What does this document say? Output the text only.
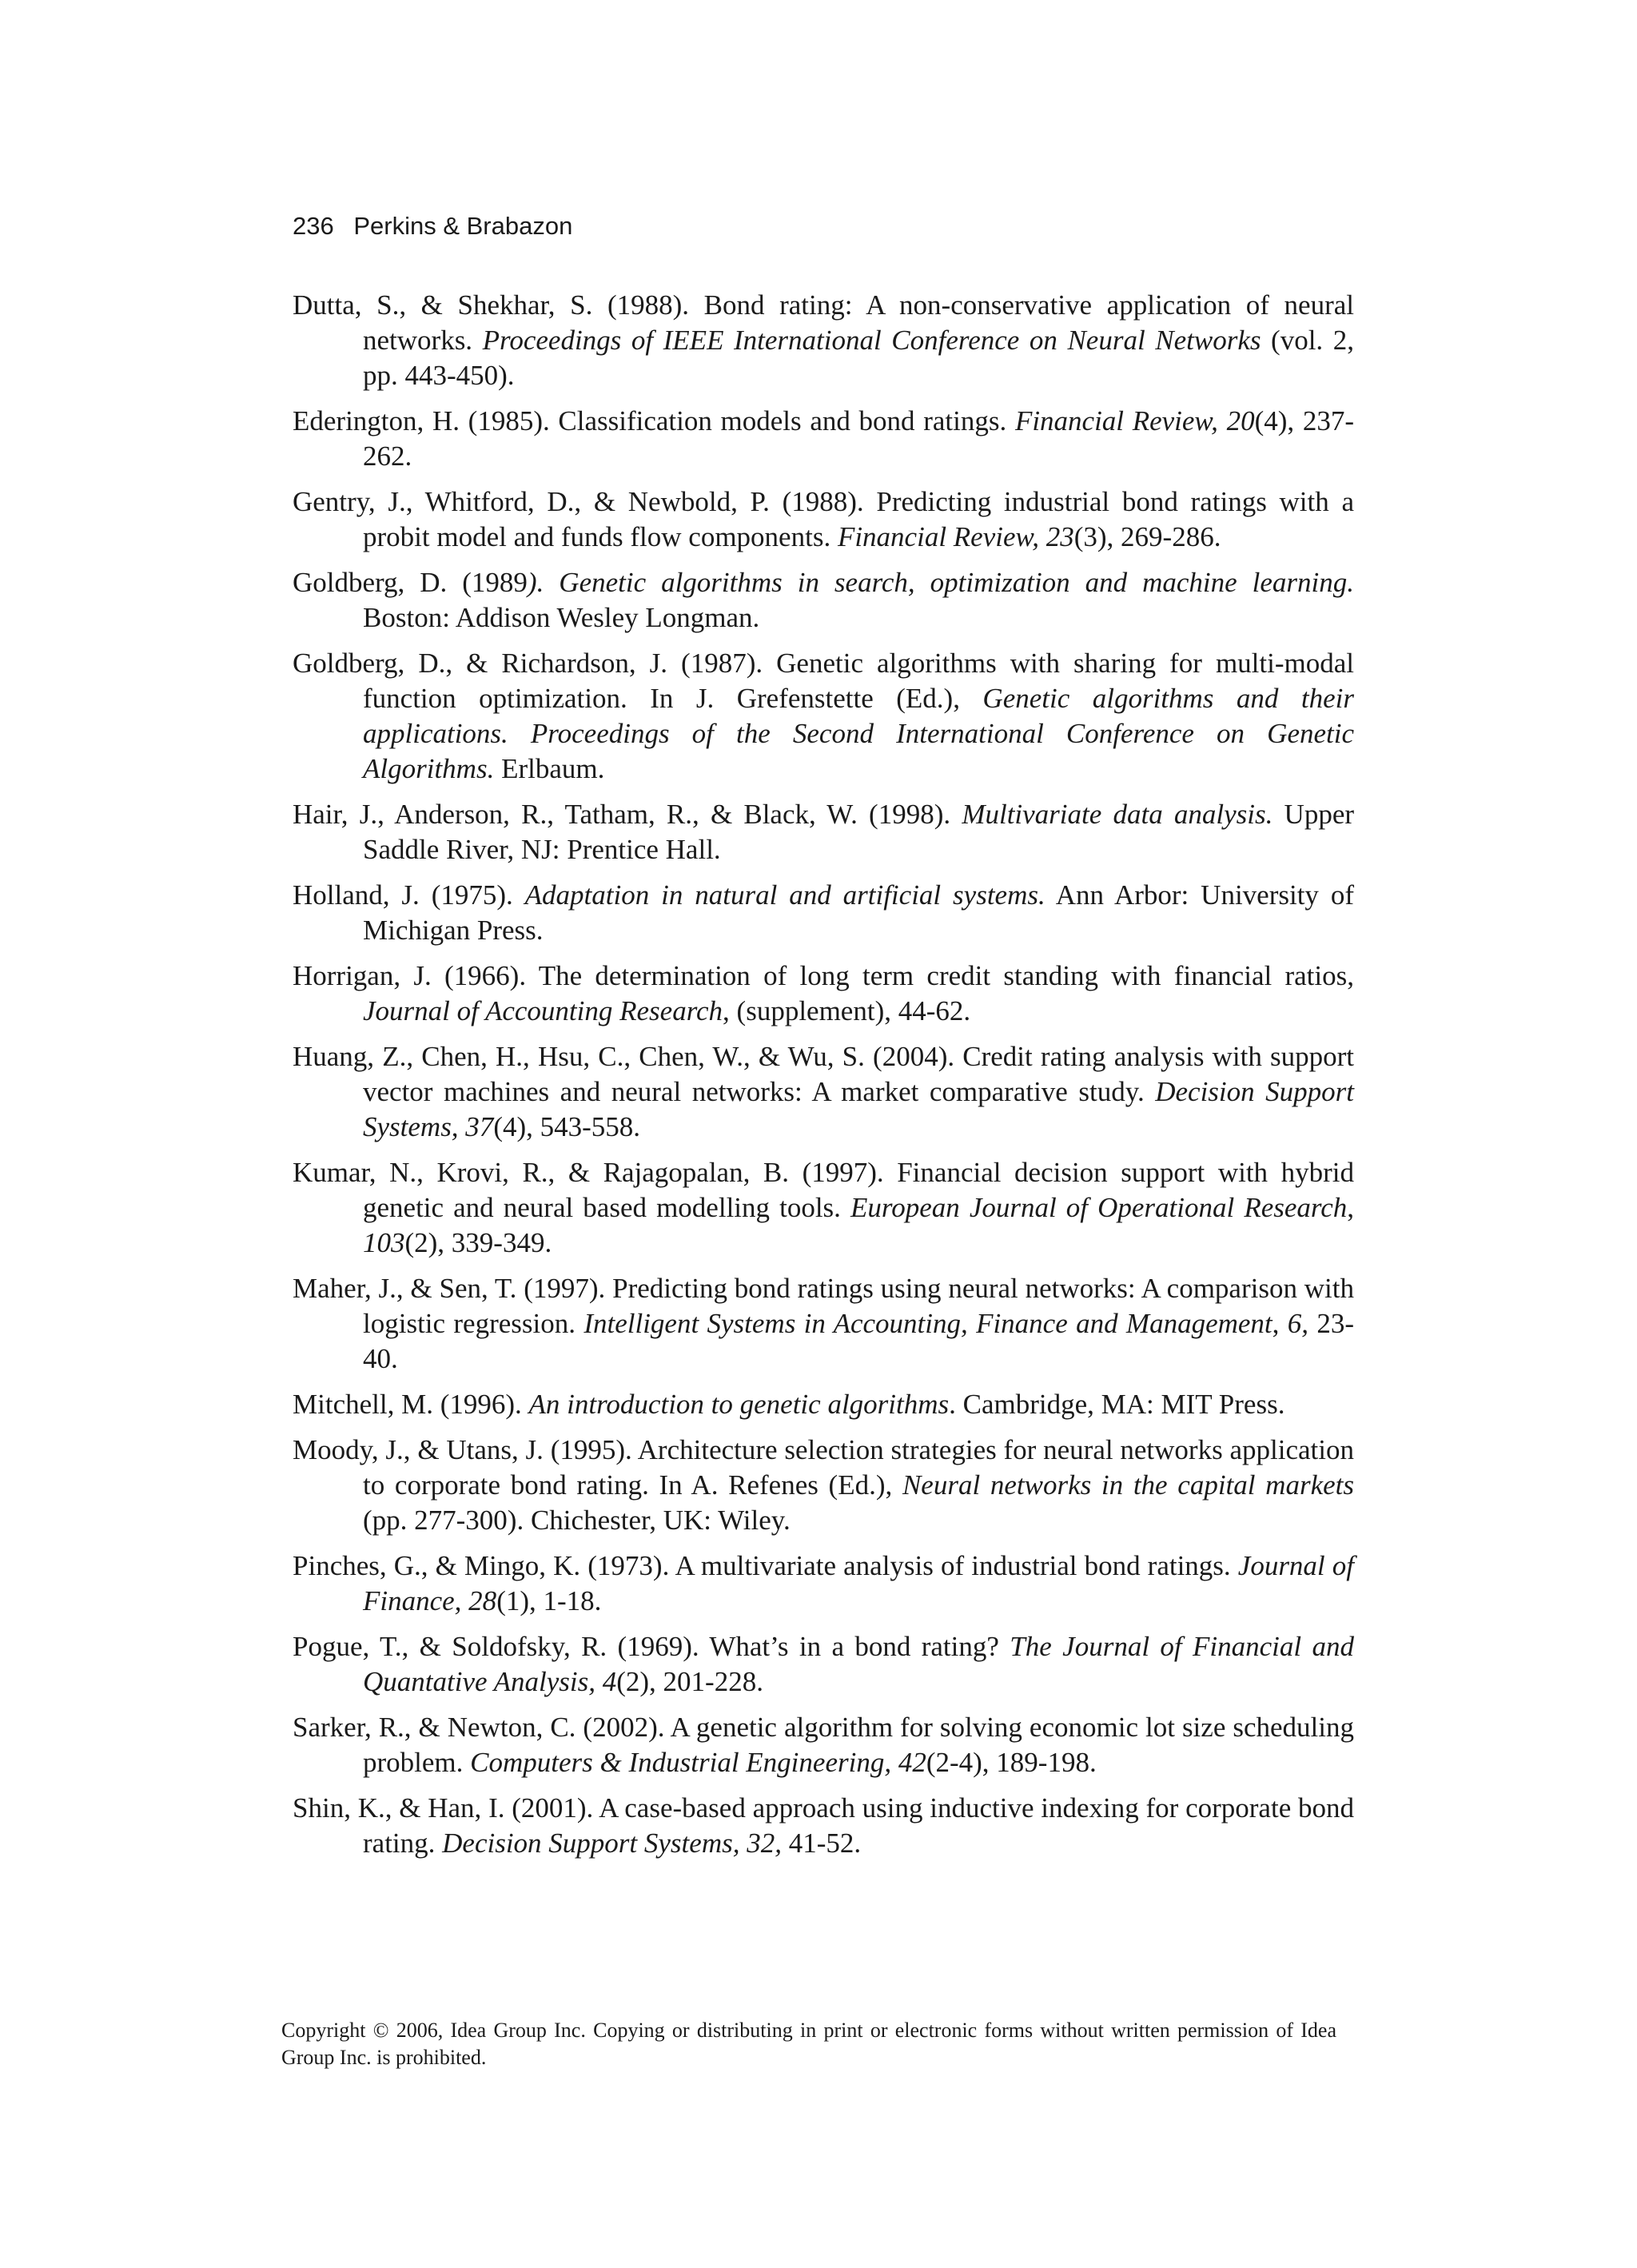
236 Perkins & Brabazon
Dutta, S., & Shekhar, S. (1988). Bond rating: A non-conservative application of neural networks. Proceedings of IEEE International Conference on Neural Networks (vol. 2, pp. 443-450).
Ederington, H. (1985). Classification models and bond ratings. Financial Review, 20(4), 237-262.
Gentry, J., Whitford, D., & Newbold, P. (1988). Predicting industrial bond ratings with a probit model and funds flow components. Financial Review, 23(3), 269-286.
Goldberg, D. (1989). Genetic algorithms in search, optimization and machine learning. Boston: Addison Wesley Longman.
Goldberg, D., & Richardson, J. (1987). Genetic algorithms with sharing for multi-modal function optimization. In J. Grefenstette (Ed.), Genetic algorithms and their applications. Proceedings of the Second International Conference on Genetic Algorithms. Erlbaum.
Hair, J., Anderson, R., Tatham, R., & Black, W. (1998). Multivariate data analysis. Upper Saddle River, NJ: Prentice Hall.
Holland, J. (1975). Adaptation in natural and artificial systems. Ann Arbor: University of Michigan Press.
Horrigan, J. (1966). The determination of long term credit standing with financial ratios, Journal of Accounting Research, (supplement), 44-62.
Huang, Z., Chen, H., Hsu, C., Chen, W., & Wu, S. (2004). Credit rating analysis with support vector machines and neural networks: A market comparative study. Decision Support Systems, 37(4), 543-558.
Kumar, N., Krovi, R., & Rajagopalan, B. (1997). Financial decision support with hybrid genetic and neural based modelling tools. European Journal of Operational Research, 103(2), 339-349.
Maher, J., & Sen, T. (1997). Predicting bond ratings using neural networks: A comparison with logistic regression. Intelligent Systems in Accounting, Finance and Management, 6, 23-40.
Mitchell, M. (1996). An introduction to genetic algorithms. Cambridge, MA: MIT Press.
Moody, J., & Utans, J. (1995). Architecture selection strategies for neural networks application to corporate bond rating. In A. Refenes (Ed.), Neural networks in the capital markets (pp. 277-300). Chichester, UK: Wiley.
Pinches, G., & Mingo, K. (1973). A multivariate analysis of industrial bond ratings. Journal of Finance, 28(1), 1-18.
Pogue, T., & Soldofsky, R. (1969). What’s in a bond rating? The Journal of Financial and Quantative Analysis, 4(2), 201-228.
Sarker, R., & Newton, C. (2002). A genetic algorithm for solving economic lot size scheduling problem. Computers & Industrial Engineering, 42(2-4), 189-198.
Shin, K., & Han, I. (2001). A case-based approach using inductive indexing for corporate bond rating. Decision Support Systems, 32, 41-52.
Copyright © 2006, Idea Group Inc. Copying or distributing in print or electronic forms without written permission of Idea Group Inc. is prohibited.
